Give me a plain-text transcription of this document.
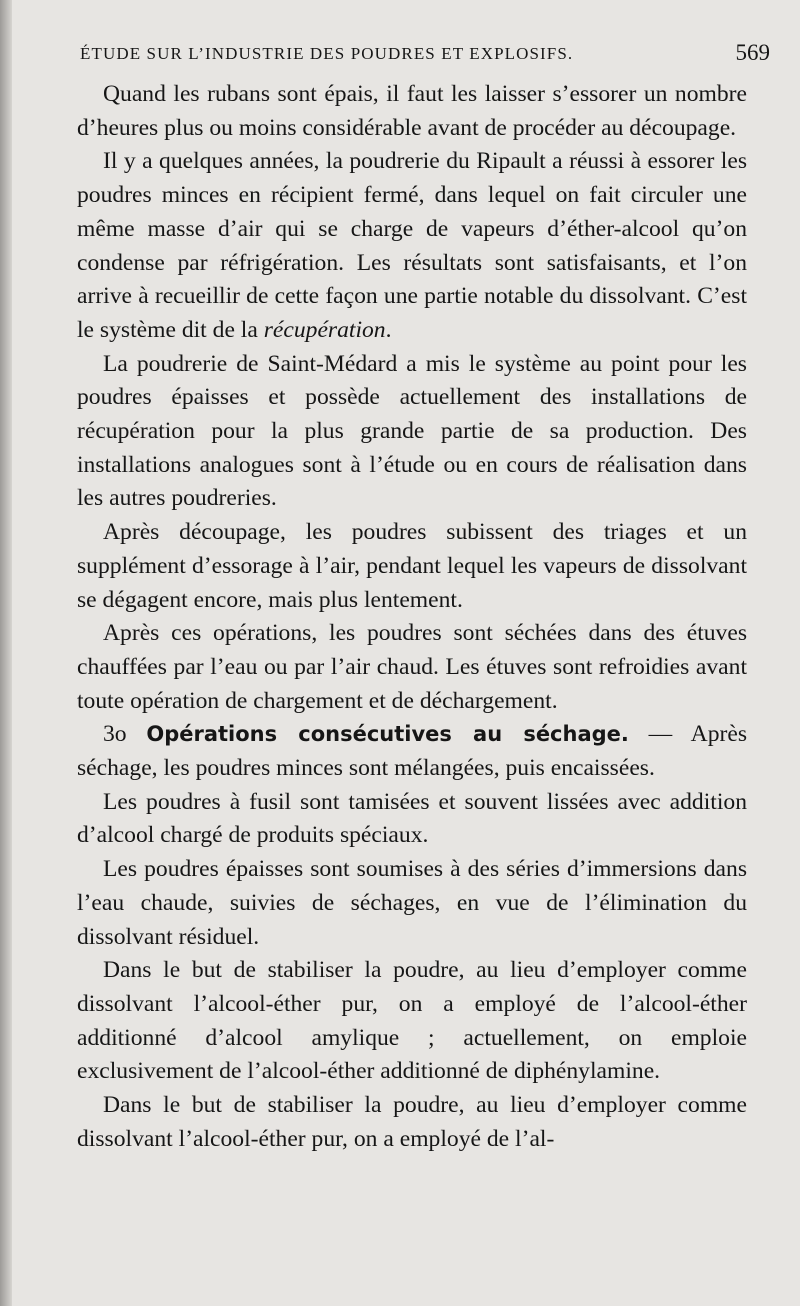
ÉTUDE SUR L’INDUSTRIE DES POUDRES ET EXPLOSIFS.	569

Quand les rubans sont épais, il faut les laisser s’essorer un nombre d’heures plus ou moins considérable avant de procéder au découpage.

Il y a quelques années, la poudrerie du Ripault a réussi à essorer les poudres minces en récipient fermé, dans lequel on fait circuler une même masse d’air qui se charge de vapeurs d’éther-alcool qu’on condense par réfrigération. Les résultats sont satisfaisants, et l’on arrive à recueillir de cette façon une partie notable du dissolvant. C’est le système dit de la récupération.

La poudrerie de Saint-Médard a mis le système au point pour les poudres épaisses et possède actuellement des installations de récupération pour la plus grande partie de sa production. Des installations analogues sont à l’étude ou en cours de réalisation dans les autres poudreries.

Après découpage, les poudres subissent des triages et un supplément d’essorage à l’air, pendant lequel les vapeurs de dissolvant se dégagent encore, mais plus lentement.

Après ces opérations, les poudres sont séchées dans des étuves chauffées par l’eau ou par l’air chaud. Les étuves sont refroidies avant toute opération de chargement et de déchargement.

3o Opérations consécutives au séchage. — Après séchage, les poudres minces sont mélangées, puis encaissées.

Les poudres à fusil sont tamisées et souvent lissées avec addition d’alcool chargé de produits spéciaux.

Les poudres épaisses sont soumises à des séries d’immersions dans l’eau chaude, suivies de séchages, en vue de l’élimination du dissolvant résiduel.

Dans le but de stabiliser la poudre, au lieu d’employer comme dissolvant l’alcool-éther pur, on a employé de l’alcool-éther additionné d’alcool amylique ; actuellement, on emploie exclusivement de l’alcool-éther additionné de diphénylamine.

Dans le but de stabiliser la poudre, au lieu d’employer comme dissolvant l’alcool-éther pur, on a employé de l’al-
